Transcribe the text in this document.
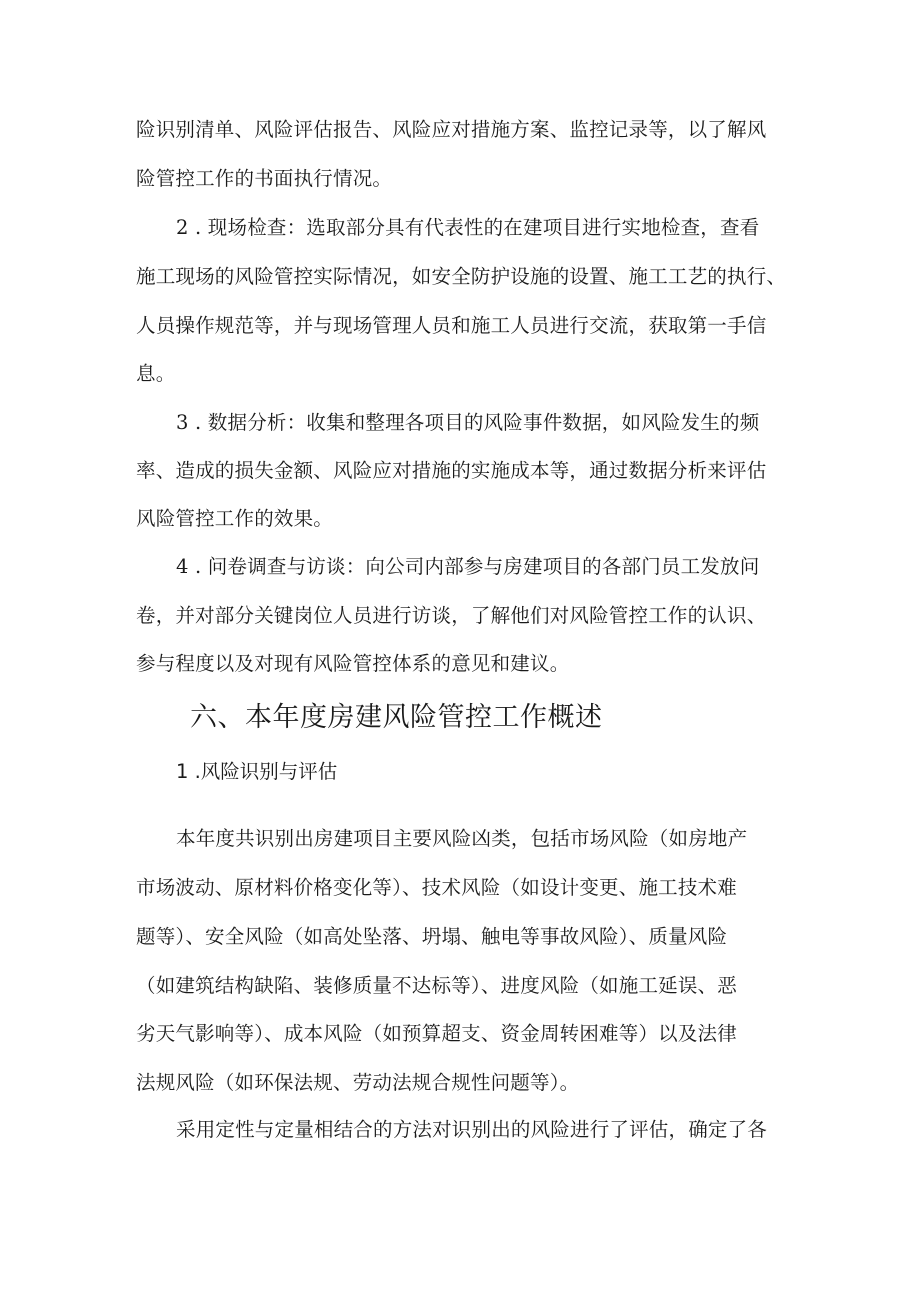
险识别清单、风险评估报告、风险应对措施方案、监控记录等，以了解风
险管控工作的书面执行情况。
2 . 现场检查：选取部分具有代表性的在建项目进行实地检查，查看
施工现场的风险管控实际情况，如安全防护设施的设置、施工工艺的执行、
人员操作规范等，并与现场管理人员和施工人员进行交流，获取第一手信
息。
3 . 数据分析：收集和整理各项目的风险事件数据，如风险发生的频
率、造成的损失金额、风险应对措施的实施成本等，通过数据分析来评估
风险管控工作的效果。
4 . 问卷调查与访谈：向公司内部参与房建项目的各部门员工发放问
卷，并对部分关键岗位人员进行访谈，了解他们对风险管控工作的认识、
参与程度以及对现有风险管控体系的意见和建议。
六、本年度房建风险管控工作概述
1 .风险识别与评估
本年度共识别出房建项目主要风险凶类，包括市场风险（如房地产
市场波动、原材料价格变化等）、技术风险（如设计变更、施工技术难
题等）、安全风险（如高处坠落、坍塌、触电等事故风险）、质量风险
（如建筑结构缺陷、装修质量不达标等）、进度风险（如施工延误、恶
劣天气影响等）、成本风险（如预算超支、资金周转困难等）以及法律
法规风险（如环保法规、劳动法规合规性问题等）。
采用定性与定量相结合的方法对识别出的风险进行了评估，确定了各
